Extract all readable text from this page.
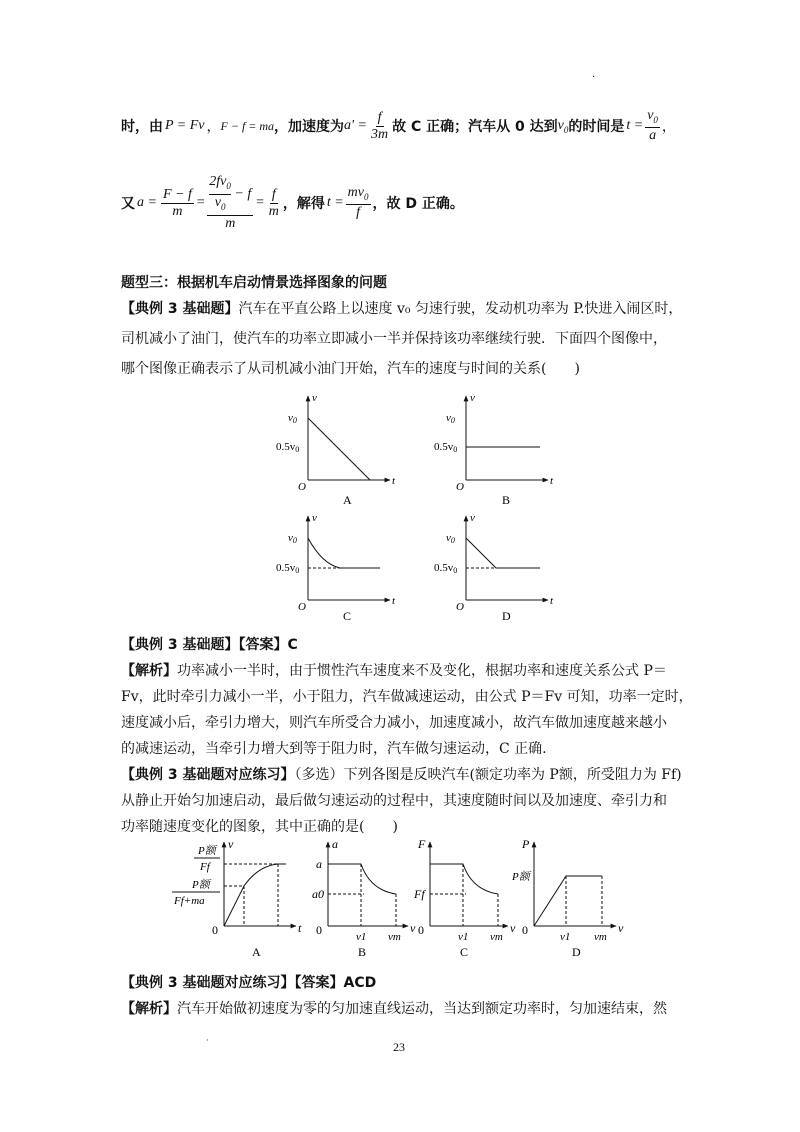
·
时，由 P = Fv ， F − f = ma ，加速度为 $a' = \frac{f}{3m}$ 故 C 正确；汽车从 0 达到 $v_0$ 的时间是 $t = \frac{v_0}{a}$ ，
又 $a = \frac{F - f}{m} = \frac{\frac{2fv_0}{v_0} - f}{m} = \frac{f}{m}$ ，解得 $t = \frac{mv_0}{f}$ ，故 D 正确。
题型三：根据机车启动情景选择图象的问题
【典例 3 基础题】汽车在平直公路上以速度 v₀ 匀速行驶，发动机功率为 P.快进入闹区时，
司机减小了油门，使汽车的功率立即减小一半并保持该功率继续行驶．下面四个图像中，
哪个图像正确表示了从司机减小油门开始，汽车的速度与时间的关系(　　)
v
t
O
v0
0.5v0
A
v
t
O
v0
0.5v0
B
v
t
O
v0
0.5v0
C
v
t
O
v0
0.5v0
D
【典例 3 基础题】【答案】C
【解析】功率减小一半时，由于惯性汽车速度来不及变化，根据功率和速度关系公式 P＝
Fv，此时牵引力减小一半，小于阻力，汽车做减速运动，由公式 P＝Fv 可知，功率一定时，
速度减小后，牵引力增大，则汽车所受合力减小，加速度减小，故汽车做加速度越来越小
的减速运动，当牵引力增大到等于阻力时，汽车做匀速运动，C 正确.
【典例 3 基础题对应练习】（多选）下列各图是反映汽车(额定功率为 P额，所受阻力为 Ff)
从静止开始匀加速启动，最后做匀速运动的过程中，其速度随时间以及加速度、牵引力和
功率随速度变化的图象，其中正确的是(　　)
v
t
0
P额
Ff
P额
Ff+ma
A
a
v
0
a
a0
v1 vm
B
F
v
0
Ff
v1 vm
C
P
v
0
P额
v1 vm
D
【典例 3 基础题对应练习】【答案】ACD
【解析】汽车开始做初速度为零的匀加速直线运动，当达到额定功率时，匀加速结束，然
23
·
